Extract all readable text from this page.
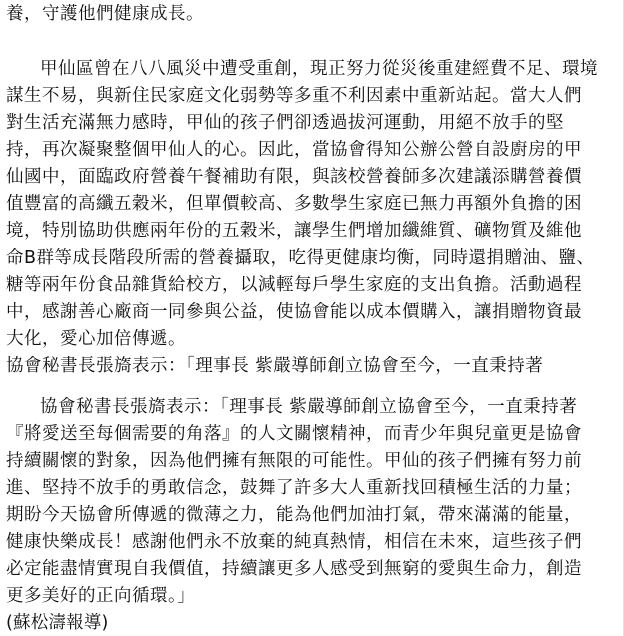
養，守護他們健康成長。
甲仙區曾在八八風災中遭受重創，現正努力從災後重建經費不足、環境
謀生不易，與新住民家庭文化弱勢等多重不利因素中重新站起。當大人們
對生活充滿無力感時，甲仙的孩子們卻透過拔河運動，用絕不放手的堅
持，再次凝聚整個甲仙人的心。因此，當協會得知公辦公營自設廚房的甲
仙國中，面臨政府營養午餐補助有限，與該校營養師多次建議添購營養價
值豐富的高纖五穀米，但單價較高、多數學生家庭已無力再額外負擔的困
境，特別協助供應兩年份的五穀米，讓學生們增加纖維質、礦物質及維他
命B群等成長階段所需的營養攝取，吃得更健康均衡，同時還捐贈油、鹽、
糖等兩年份食品雜貨給校方，以減輕每戶學生家庭的支出負擔。活動過程
中，感謝善心廠商一同參與公益，使協會能以成本價購入，讓捐贈物資最
大化，愛心加倍傳遞。
協會秘書長張旖表示：「理事長 紫嚴導師創立協會至今，一直秉持著
協會秘書長張旖表示：「理事長 紫嚴導師創立協會至今，一直秉持著
『將愛送至每個需要的角落』的人文關懷精神，而青少年與兒童更是協會
持續關懷的對象，因為他們擁有無限的可能性。甲仙的孩子們擁有努力前
進、堅持不放手的勇敢信念，鼓舞了許多大人重新找回積極生活的力量；
期盼今天協會所傳遞的微薄之力，能為他們加油打氣，帶來滿滿的能量，
健康快樂成長！感謝他們永不放棄的純真熱情，相信在未來，這些孩子們
必定能盡情實現自我價值，持續讓更多人感受到無窮的愛與生命力，創造
更多美好的正向循環。」
(蘇松濤報導)
